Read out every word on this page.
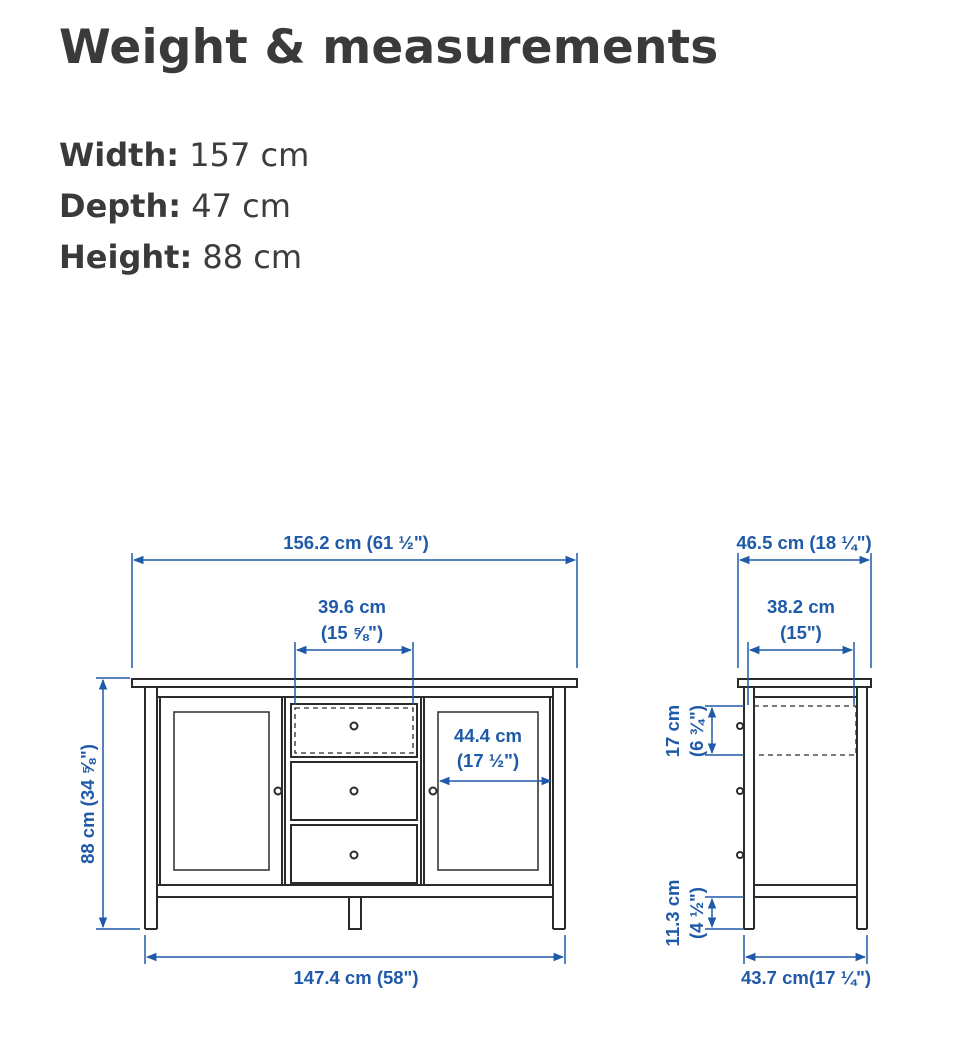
Weight & measurements
Width: 157 cm
Depth: 47 cm
Height: 88 cm
156.2 cm (61 ½")
39.6 cm
(15 ⅝")
44.4 cm
(17 ½")
88 cm (34 ⅝")
147.4 cm (58")
46.5 cm (18 ¼")
38.2 cm
(15")
17 cm (6 ¾")
11.3 cm (4 ½")
43.7 cm(17 ¼")
